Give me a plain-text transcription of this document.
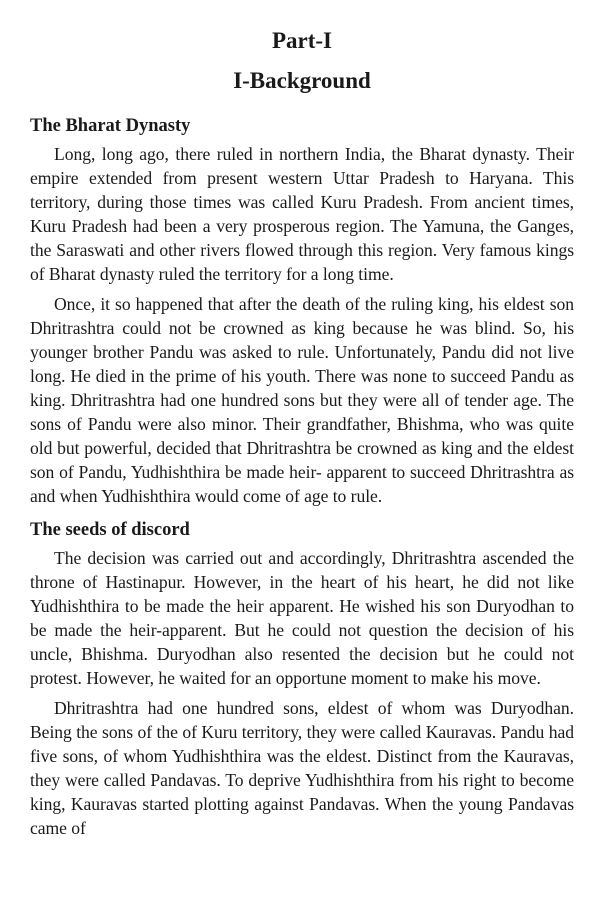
Part-I
I-Background
The Bharat Dynasty

Long, long ago, there ruled in northern India, the Bharat dynasty. Their empire extended from present western Uttar Pradesh to Haryana. This territory, during those times was called Kuru Pradesh. From ancient times, Kuru Pradesh had been a very prosperous region. The Yamuna, the Ganges, the Saraswati and other rivers flowed through this region. Very famous kings of Bharat dynasty ruled the territory for a long time.

Once, it so happened that after the death of the ruling king, his eldest son Dhritrashtra could not be crowned as king because he was blind. So, his younger brother Pandu was asked to rule. Unfortunately, Pandu did not live long. He died in the prime of his youth. There was none to succeed Pandu as king. Dhritrashtra had one hundred sons but they were all of tender age. The sons of Pandu were also minor. Their grandfather, Bhishma, who was quite old but powerful, decided that Dhritrashtra be crowned as king and the eldest son of Pandu, Yudhishthira be made heir- apparent to succeed Dhritrashtra as and when Yudhishthira would come of age to rule.

The seeds of discord

The decision was carried out and accordingly, Dhritrashtra ascended the throne of Hastinapur. However, in the heart of his heart, he did not like Yudhishthira to be made the heir apparent. He wished his son Duryodhan to be made the heir-apparent. But he could not question the decision of his uncle, Bhishma. Duryodhan also resented the decision but he could not protest. However, he waited for an opportune moment to make his move.

Dhritrashtra had one hundred sons, eldest of whom was Duryodhan. Being the sons of the of Kuru territory, they were called Kauravas. Pandu had five sons, of whom Yudhishthira was the eldest. Distinct from the Kauravas, they were called Pandavas. To deprive Yudhishthira from his right to become king, Kauravas started plotting against Pandavas. When the young Pandavas came of
